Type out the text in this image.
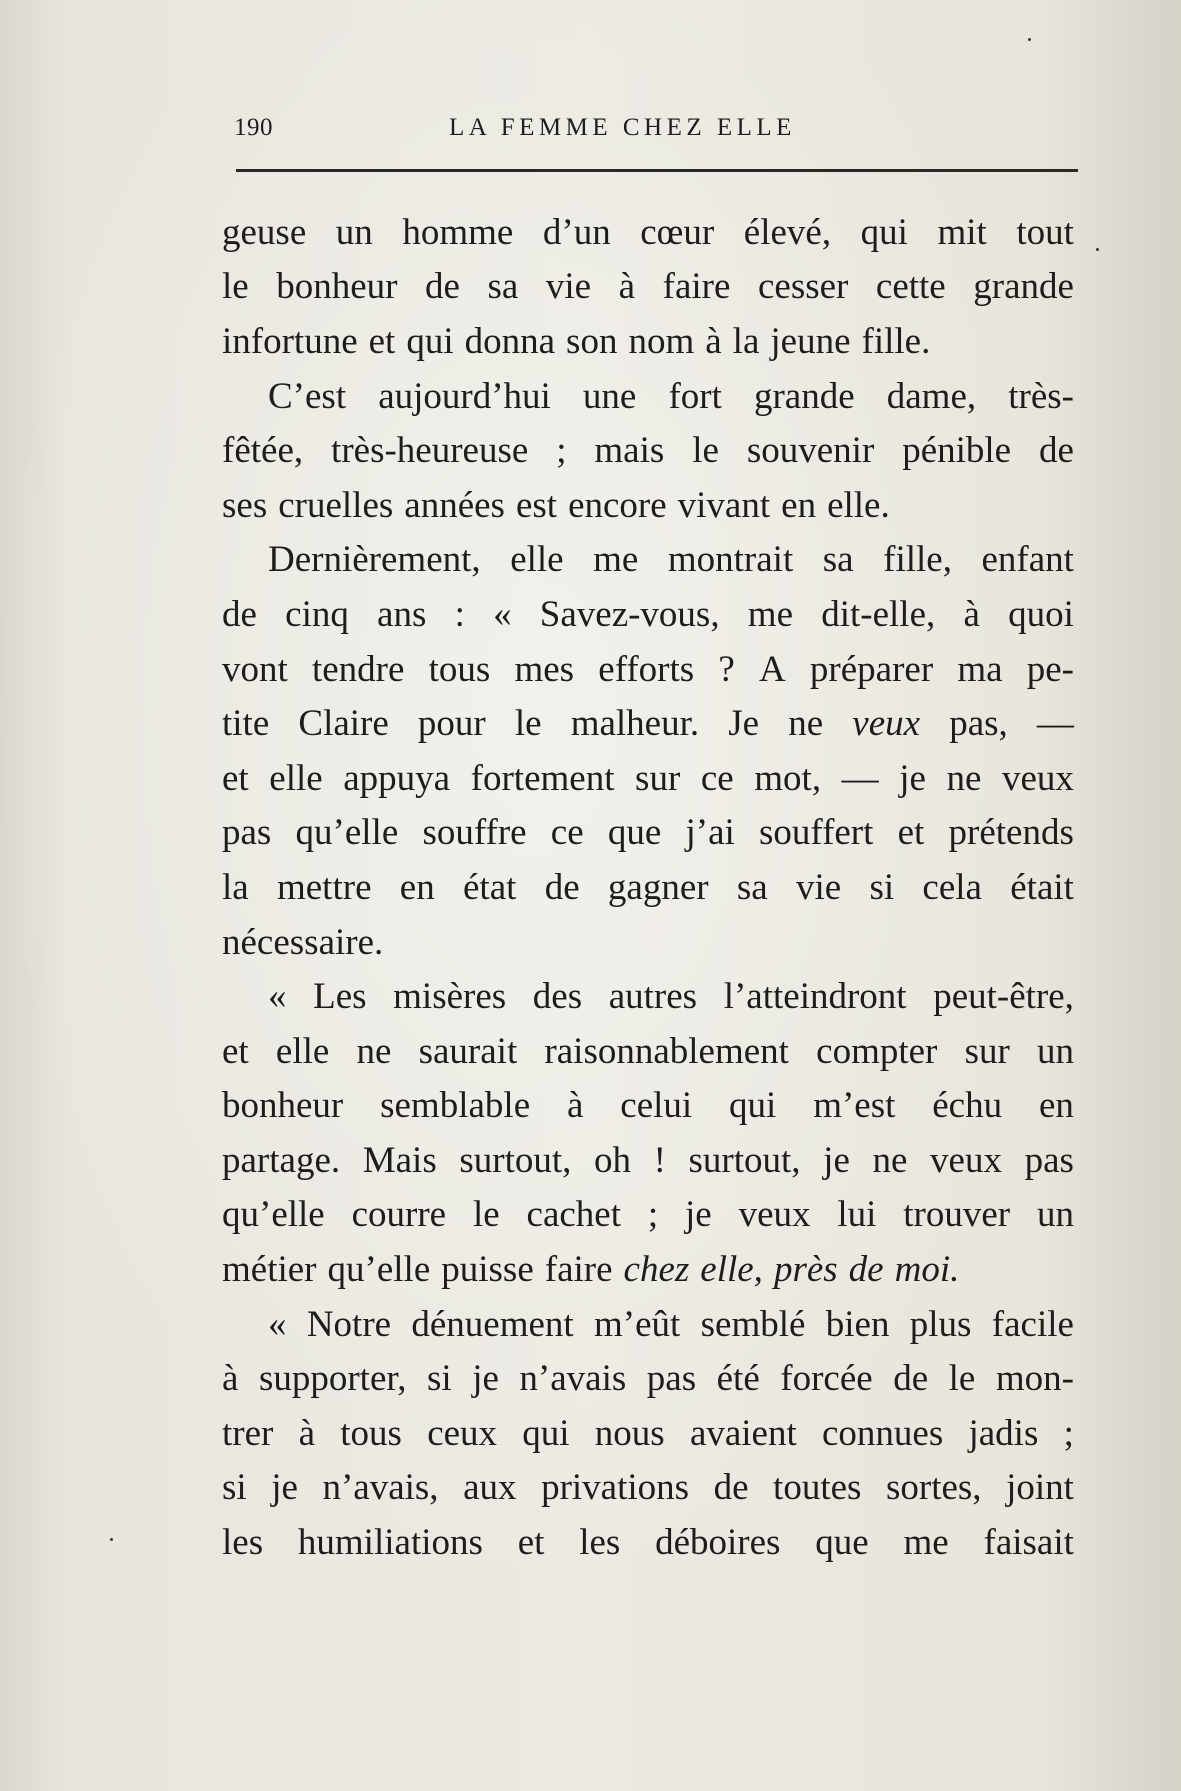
190	LA FEMME CHEZ ELLE
geuse un homme d’un cœur élevé, qui mit tout
le bonheur de sa vie à faire cesser cette grande
infortune et qui donna son nom à la jeune fille.
C’est aujourd’hui une fort grande dame, très-
fêtée, très-heureuse ; mais le souvenir pénible de
ses cruelles années est encore vivant en elle.
Dernièrement, elle me montrait sa fille, enfant
de cinq ans : « Savez-vous, me dit-elle, à quoi
vont tendre tous mes efforts ? A préparer ma pe-
tite Claire pour le malheur. Je ne veux pas, —
et elle appuya fortement sur ce mot, — je ne veux
pas qu’elle souffre ce que j’ai souffert et prétends
la mettre en état de gagner sa vie si cela était
nécessaire.
« Les misères des autres l’atteindront peut-être,
et elle ne saurait raisonnablement compter sur un
bonheur semblable à celui qui m’est échu en
partage. Mais surtout, oh ! surtout, je ne veux pas
qu’elle courre le cachet ; je veux lui trouver un
métier qu’elle puisse faire chez elle, près de moi.
« Notre dénuement m’eût semblé bien plus facile
à supporter, si je n’avais pas été forcée de le mon-
trer à tous ceux qui nous avaient connues jadis ;
si je n’avais, aux privations de toutes sortes, joint
les humiliations et les déboires que me faisait
